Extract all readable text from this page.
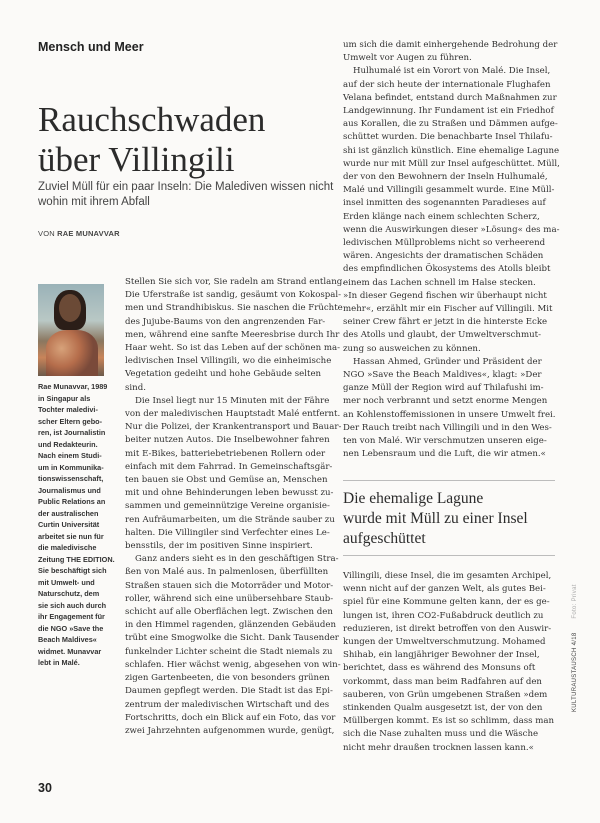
Mensch und Meer
Rauchschwaden
über Villingili
Zuviel Müll für ein paar Inseln: Die Malediven wissen nicht
wohin mit ihrem Abfall
VON RAE MUNAVVAR
Rae Munavvar, 1989
in Singapur als
Tochter maledivi-
scher Eltern gebo-
ren, ist Journalistin
und Redakteurin.
Nach einem Studi-
um in Kommunika-
tionswissenschaft,
Journalismus und
Public Relations an
der australischen
Curtin Universität
arbeitet sie nun für
die maledivische
Zeitung THE EDITION.
Sie beschäftigt sich
mit Umwelt- und
Naturschutz, dem
sie sich auch durch
ihr Engagement für
die NGO »Save the
Beach Maldives«
widmet. Munavvar
lebt in Malé.
Stellen Sie sich vor, Sie radeln am Strand entlang.
Die Uferstraße ist sandig, gesäumt von Kokospal-
men und Strandhibiskus. Sie naschen die Früchte
des Jujube-Baums von den angrenzenden Far-
men, während eine sanfte Meeresbrise durch Ihr
Haar weht. So ist das Leben auf der schönen ma-
ledivischen Insel Villingili, wo die einheimische
Vegetation gedeiht und hohe Gebäude selten
sind.
Die Insel liegt nur 15 Minuten mit der Fähre
von der maledivischen Hauptstadt Malé entfernt.
Nur die Polizei, der Krankentransport und Bauar-
beiter nutzen Autos. Die Inselbewohner fahren
mit E-Bikes, batteriebetriebenen Rollern oder
einfach mit dem Fahrrad. In Gemeinschaftsgär-
ten bauen sie Obst und Gemüse an, Menschen
mit und ohne Behinderungen leben bewusst zu-
sammen und gemeinnützige Vereine organisie-
ren Aufräumarbeiten, um die Strände sauber zu
halten. Die Villingiler sind Verfechter eines Le-
bensstils, der im positiven Sinne inspiriert.
Ganz anders sieht es in den geschäftigen Stra-
ßen von Malé aus. In palmenlosen, überfüllten
Straßen stauen sich die Motorräder und Motor-
roller, während sich eine unübersehbare Staub-
schicht auf alle Oberflächen legt. Zwischen den
in den Himmel ragenden, glänzenden Gebäuden
trübt eine Smogwolke die Sicht. Dank Tausender
funkelnder Lichter scheint die Stadt niemals zu
schlafen. Hier wächst wenig, abgesehen von win-
zigen Gartenbeeten, die von besonders grünen
Daumen gepflegt werden. Die Stadt ist das Epi-
zentrum der maledivischen Wirtschaft und des
Fortschritts, doch ein Blick auf ein Foto, das vor
zwei Jahrzehnten aufgenommen wurde, genügt,
um sich die damit einhergehende Bedrohung der
Umwelt vor Augen zu führen.
Hulhumalé ist ein Vorort von Malé. Die Insel,
auf der sich heute der internationale Flughafen
Velana befindet, entstand durch Maßnahmen zur
Landgewinnung. Ihr Fundament ist ein Friedhof
aus Korallen, die zu Straßen und Dämmen aufge-
schüttet wurden. Die benachbarte Insel Thilafu-
shi ist gänzlich künstlich. Eine ehemalige Lagune
wurde nur mit Müll zur Insel aufgeschüttet. Müll,
der von den Bewohnern der Inseln Hulhumalé,
Malé und Villingili gesammelt wurde. Eine Müll-
insel inmitten des sogenannten Paradieses auf
Erden klänge nach einem schlechten Scherz,
wenn die Auswirkungen dieser »Lösung« des ma-
ledivischen Müllproblems nicht so verheerend
wären. Angesichts der dramatischen Schäden
des empfindlichen Ökosystems des Atolls bleibt
einem das Lachen schnell im Halse stecken.
»In dieser Gegend fischen wir überhaupt nicht
mehr«, erzählt mir ein Fischer auf Villingili. Mit
seiner Crew fährt er jetzt in die hinterste Ecke
des Atolls und glaubt, der Umweltverschmut-
zung so ausweichen zu können.
Hassan Ahmed, Gründer und Präsident der
NGO »Save the Beach Maldives«, klagt: »Der
ganze Müll der Region wird auf Thilafushi im-
mer noch verbrannt und setzt enorme Mengen
an Kohlenstoffemissionen in unsere Umwelt frei.
Der Rauch treibt nach Villingili und in den Wes-
ten von Malé. Wir verschmutzen unseren eige-
nen Lebensraum und die Luft, die wir atmen.«
Die ehemalige Lagune
wurde mit Müll zu einer Insel
aufgeschüttet
Villingili, diese Insel, die im gesamten Archipel,
wenn nicht auf der ganzen Welt, als gutes Bei-
spiel für eine Kommune gelten kann, der es ge-
lungen ist, ihren CO2-Fußabdruck deutlich zu
reduzieren, ist direkt betroffen von den Auswir-
kungen der Umweltverschmutzung. Mohamed
Shihab, ein langjähriger Bewohner der Insel,
berichtet, dass es während des Monsuns oft
vorkommt, dass man beim Radfahren auf den
sauberen, von Grün umgebenen Straßen »dem
stinkenden Qualm ausgesetzt ist, der von den
Müllbergen kommt. Es ist so schlimm, dass man
sich die Nase zuhalten muss und die Wäsche
nicht mehr draußen trocknen lassen kann.«
30
KULTURAUSTAUSCH 4/18 Foto: Privat
